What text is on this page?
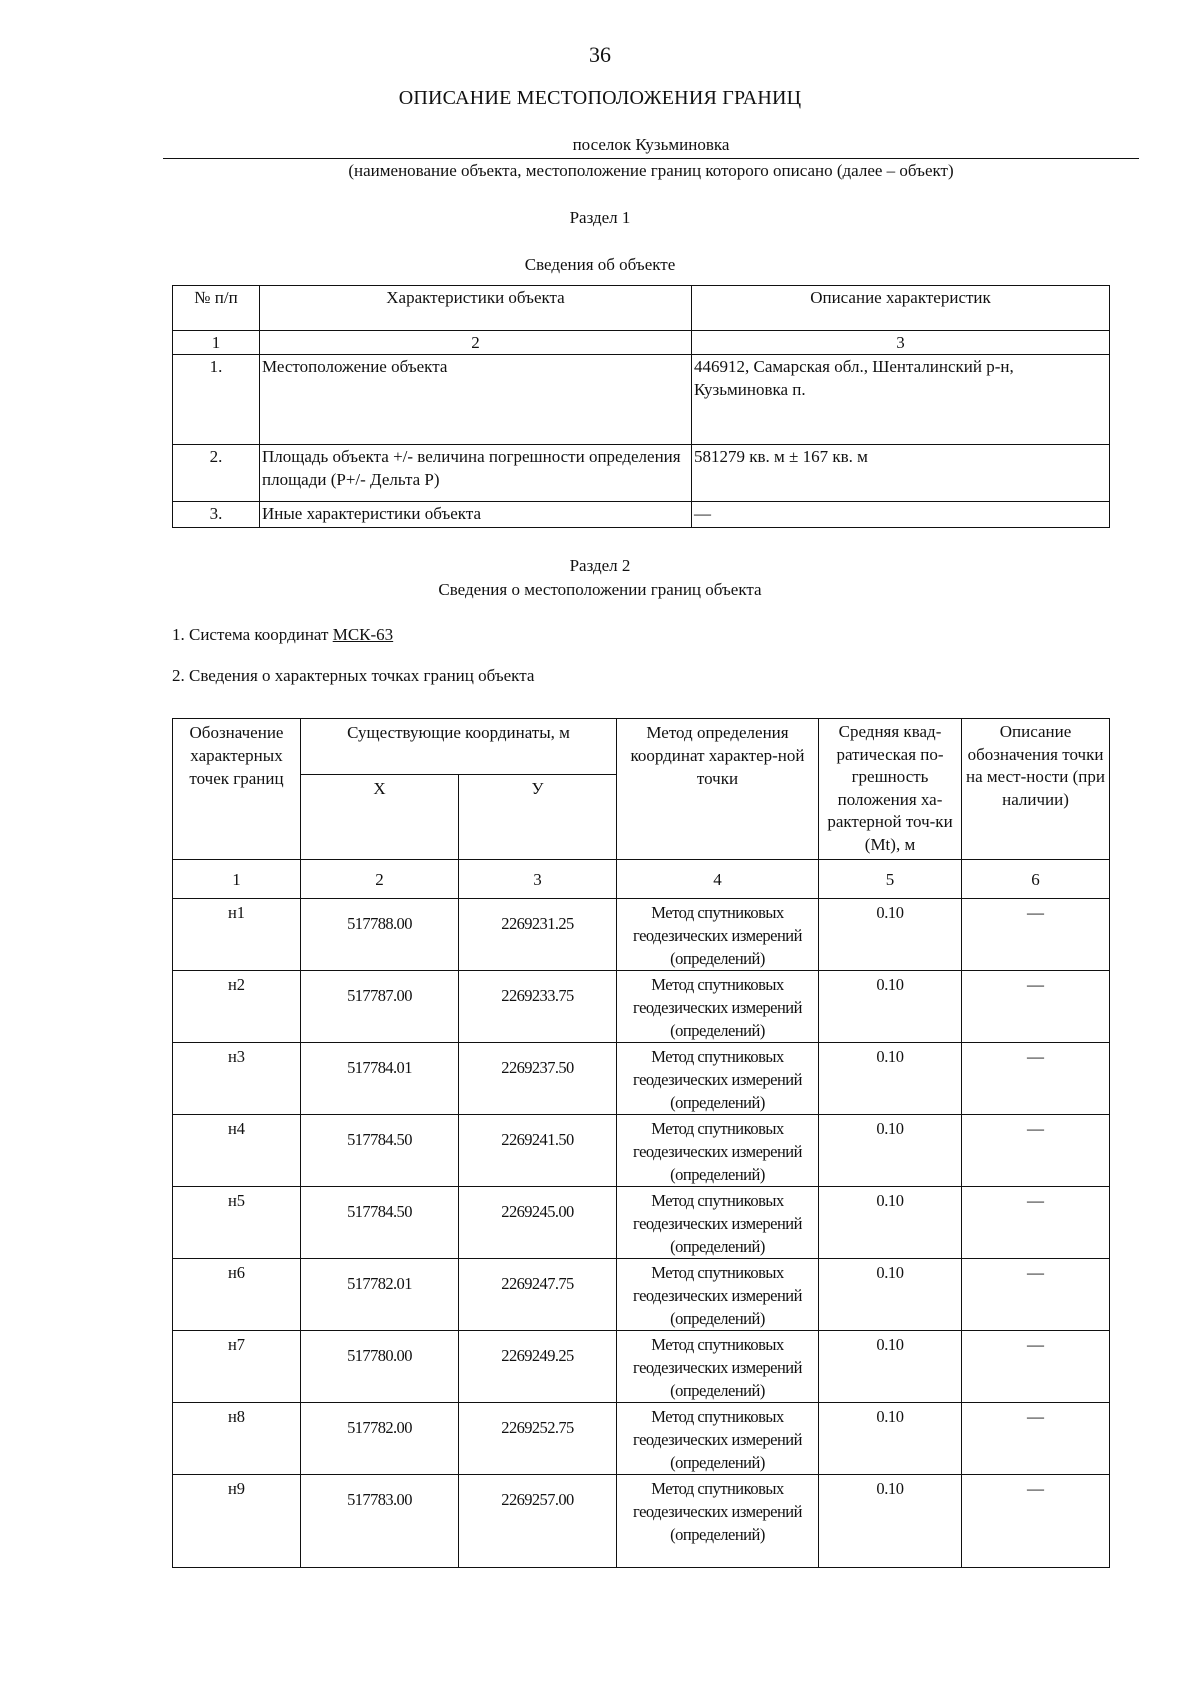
36
ОПИСАНИЕ МЕСТОПОЛОЖЕНИЯ ГРАНИЦ
поселок Кузьминовка
(наименование объекта, местоположение границ которого описано (далее – объект)
Раздел 1
Сведения об объекте
№ п/п	Характеристики объекта	Описание характеристик
1	2	3
1.	Местоположение объекта	446912, Самарская обл., Шенталинский р-н, Кузьминовка п.
2.	Площадь объекта +/- величина погрешности определения площади (Р+/- Дельта Р)	581279 кв. м ± 167 кв. м
3.	Иные характеристики объекта	—
Раздел 2
Сведения о местоположении границ объекта
1. Система координат МСК-63
2. Сведения о характерных точках границ объекта
Обозначение характерных точек границ	Существующие координаты, м		Метод определения координат характер-ной точки	Средняя квад-ратическая по-грешность положения ха-рактерной точ-ки (Mt), м	Описание обозначения точки на мест-ности (при наличии)
	X	У			
1	2	3	4	5	6
н1	517788.00	2269231.25	Метод спутниковых геодезических измерений (определений)	0.10	—
н2	517787.00	2269233.75	Метод спутниковых геодезических измерений (определений)	0.10	—
н3	517784.01	2269237.50	Метод спутниковых геодезических измерений (определений)	0.10	—
н4	517784.50	2269241.50	Метод спутниковых геодезических измерений (определений)	0.10	—
н5	517784.50	2269245.00	Метод спутниковых геодезических измерений (определений)	0.10	—
н6	517782.01	2269247.75	Метод спутниковых геодезических измерений (определений)	0.10	—
н7	517780.00	2269249.25	Метод спутниковых геодезических измерений (определений)	0.10	—
н8	517782.00	2269252.75	Метод спутниковых геодезических измерений (определений)	0.10	—
н9	517783.00	2269257.00	Метод спутниковых геодезических измерений (определений)	0.10	—
